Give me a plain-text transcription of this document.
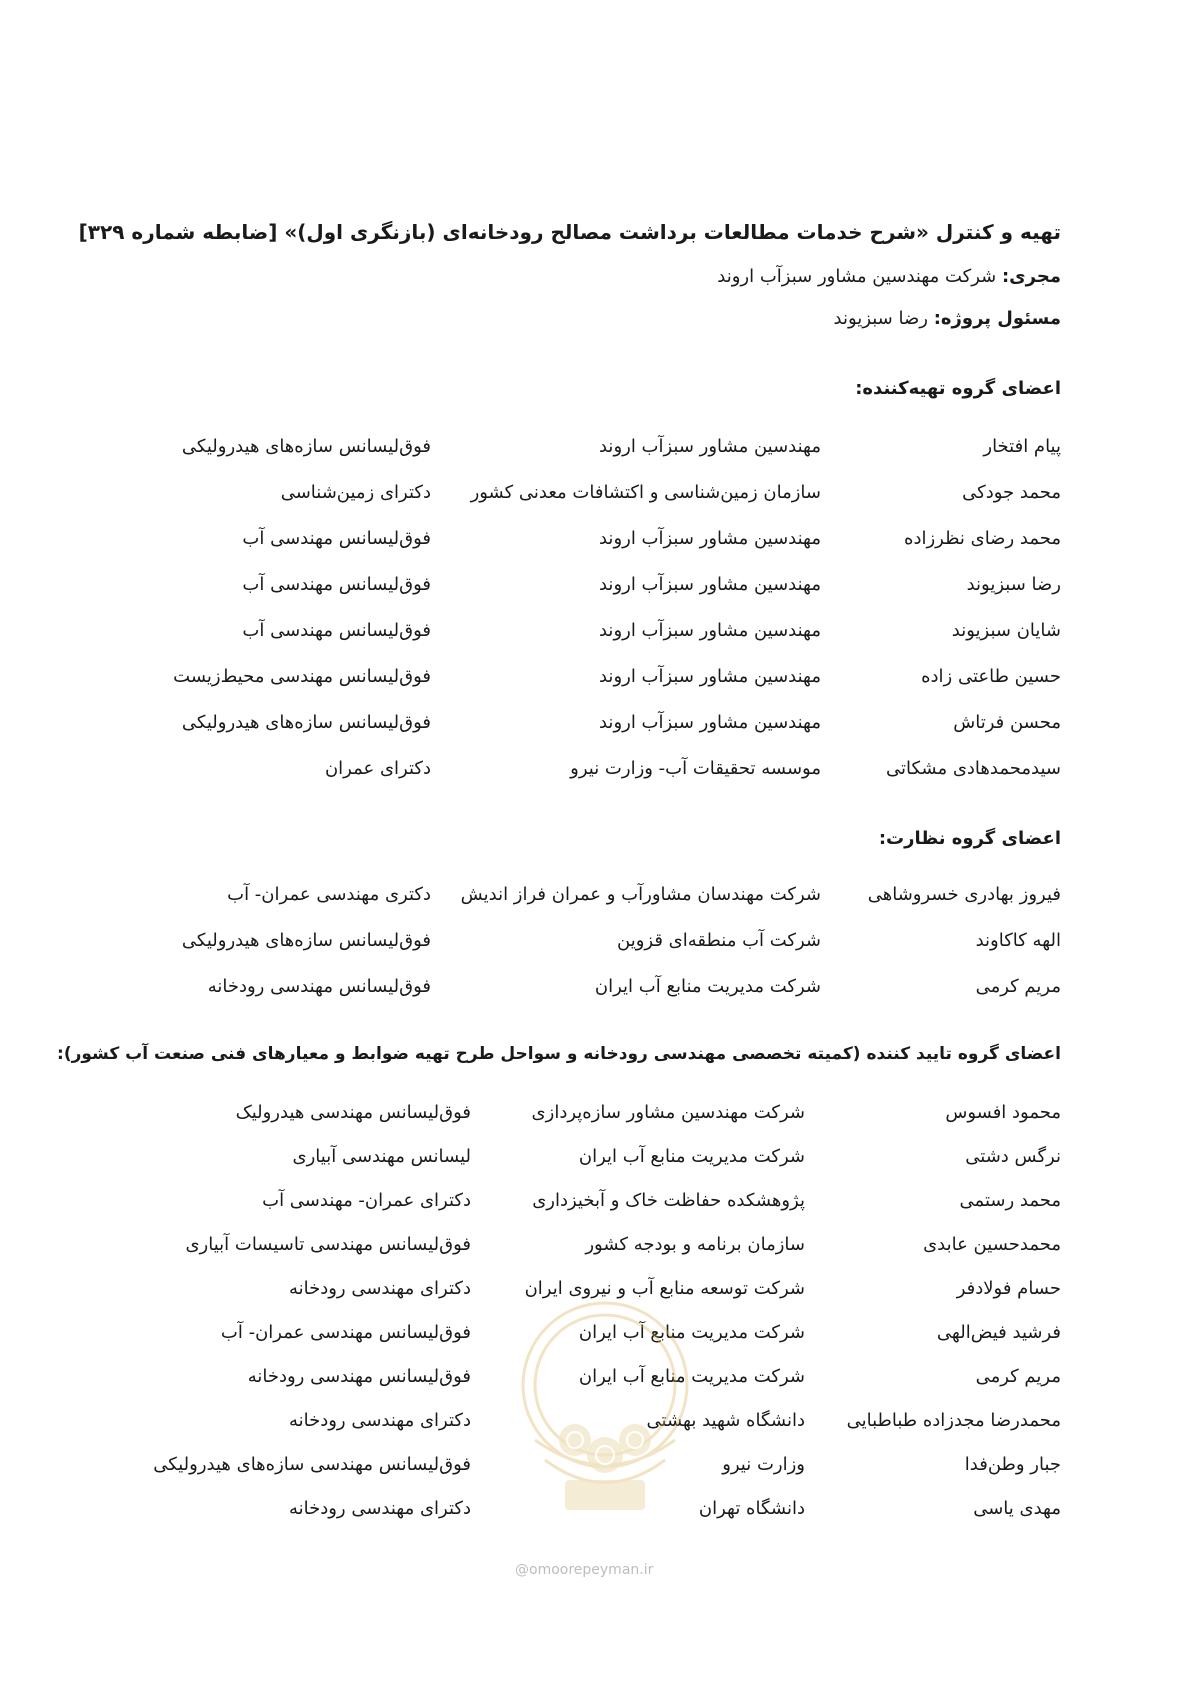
تهیه و کنترل «شرح خدمات مطالعات برداشت مصالح رودخانه‌ای (بازنگری اول)» [ضابطه شماره ۳۲۹]
مجری: شرکت مهندسین مشاور سبزآب اروند
مسئول پروژه: رضا سبزیوند
اعضای گروه تهیه‌کننده:
پیام افتخار
مهندسین مشاور سبزآب اروند
فوق‌لیسانس سازه‌های هیدرولیکی
محمد جودکی
سازمان زمین‌شناسی و اکتشافات معدنی کشور
دکترای زمین‌شناسی
محمد رضای نظرزاده
مهندسین مشاور سبزآب اروند
فوق‌لیسانس مهندسی آب
رضا سبزیوند
مهندسین مشاور سبزآب اروند
فوق‌لیسانس مهندسی آب
شایان سبزیوند
مهندسین مشاور سبزآب اروند
فوق‌لیسانس مهندسی آب
حسین طاعتی زاده
مهندسین مشاور سبزآب اروند
فوق‌لیسانس مهندسی محیط‌زیست
محسن فرتاش
مهندسین مشاور سبزآب اروند
فوق‌لیسانس سازه‌های هیدرولیکی
سیدمحمدهادی مشکاتی
موسسه تحقیقات آب- وزارت نیرو
دکترای عمران
اعضای گروه نظارت:
فیروز بهادری خسروشاهی
شرکت مهندسان مشاورآب و عمران فراز اندیش
دکتری مهندسی عمران- آب
الهه کاکاوند
شرکت آب منطقه‌ای قزوین
فوق‌لیسانس سازه‌های هیدرولیکی
مریم کرمی
شرکت مدیریت منابع آب ایران
فوق‌لیسانس مهندسی رودخانه
اعضای گروه تایید کننده (کمیته تخصصی مهندسی رودخانه و سواحل طرح تهیه ضوابط و معیارهای فنی صنعت آب کشور):
محمود افسوس
شرکت مهندسین مشاور سازه‌پردازی
فوق‌لیسانس مهندسی هیدرولیک
نرگس دشتی
شرکت مدیریت منابع آب ایران
لیسانس مهندسی آبیاری
محمد رستمی
پژوهشکده حفاظت خاک و آبخیزداری
دکترای عمران- مهندسی آب
محمدحسین عابدی
سازمان برنامه و بودجه کشور
فوق‌لیسانس مهندسی تاسیسات آبیاری
حسام فولادفر
شرکت توسعه منابع آب و نیروی ایران
دکترای مهندسی رودخانه
فرشید فیض‌الهی
شرکت مدیریت منابع آب ایران
فوق‌لیسانس مهندسی عمران- آب
مریم کرمی
شرکت مدیریت منابع آب ایران
فوق‌لیسانس مهندسی رودخانه
محمدرضا مجدزاده طباطبایی
دانشگاه شهید بهشتی
دکترای مهندسی رودخانه
جبار وطن‌فدا
وزارت نیرو
فوق‌لیسانس مهندسی سازه‌های هیدرولیکی
مهدی یاسی
دانشگاه تهران
دکترای مهندسی رودخانه
@omoorepeyman.ir
